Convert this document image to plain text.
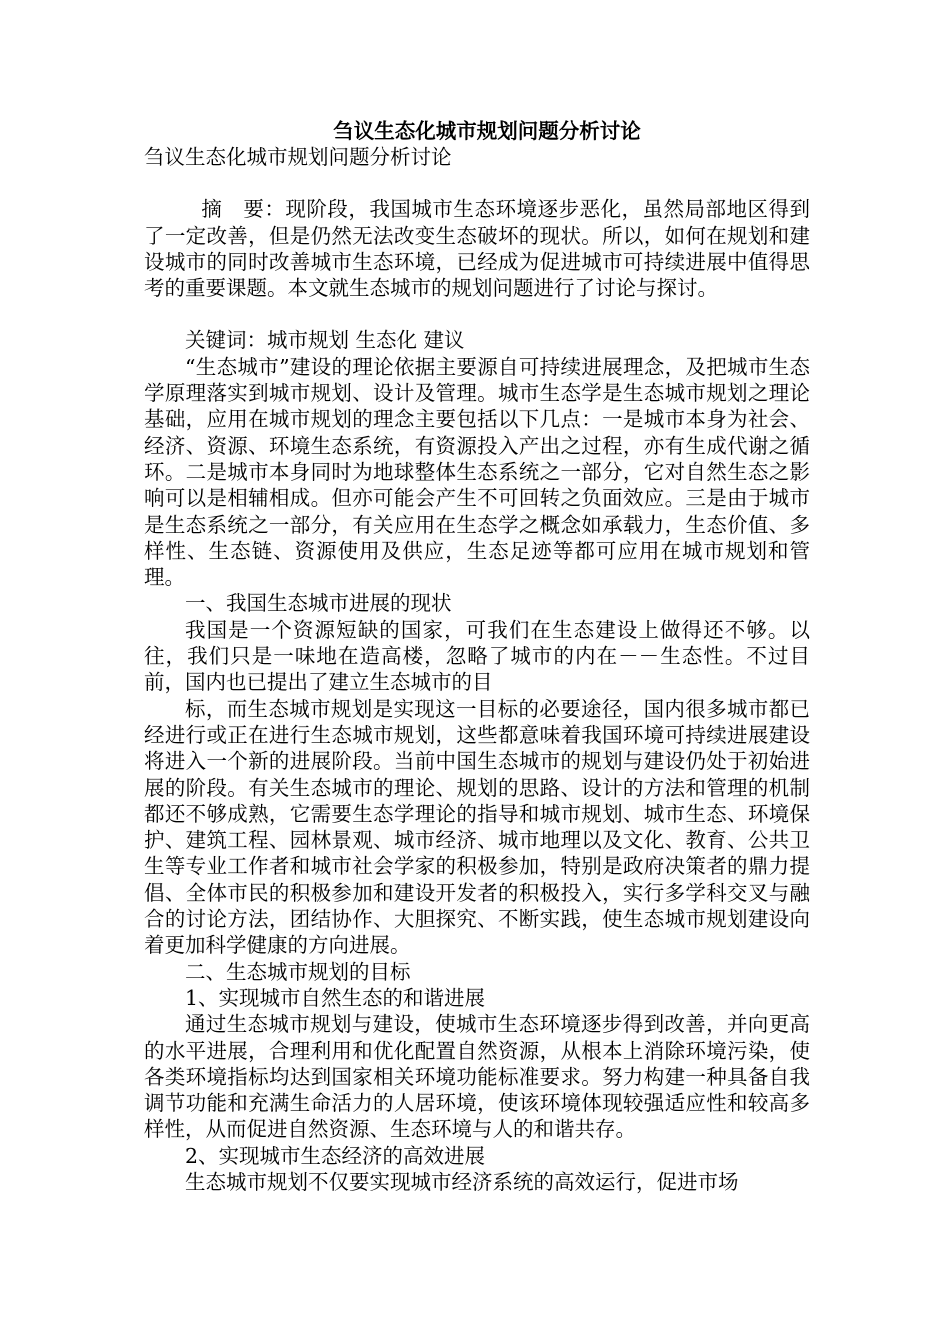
刍议生态化城市规划问题分析讨论

刍议生态化城市规划问题分析讨论

摘　要：现阶段，我国城市生态环境逐步恶化，虽然局部地区得到了一定改善，但是仍然无法改变生态破坏的现状。所以，如何在规划和建设城市的同时改善城市生态环境，已经成为促进城市可持续进展中值得思考的重要课题。本文就生态城市的规划问题进行了讨论与探讨。

关键词：城市规划 生态化 建议

“生态城市”建设的理论依据主要源自可持续进展理念，及把城市生态学原理落实到城市规划、设计及管理。城市生态学是生态城市规划之理论基础，应用在城市规划的理念主要包括以下几点：一是城市本身为社会、经济、资源、环境生态系统，有资源投入产出之过程，亦有生成代谢之循环。二是城市本身同时为地球整体生态系统之一部分，它对自然生态之影响可以是相辅相成。但亦可能会产生不可回转之负面效应。三是由于城市是生态系统之一部分，有关应用在生态学之概念如承载力，生态价值、多样性、生态链、资源使用及供应，生态足迹等都可应用在城市规划和管理。

一、我国生态城市进展的现状

我国是一个资源短缺的国家，可我们在生态建设上做得还不够。以往，我们只是一味地在造高楼，忽略了城市的内在－－生态性。不过目前，国内也已提出了建立生态城市的目

标，而生态城市规划是实现这一目标的必要途径，国内很多城市都已经进行或正在进行生态城市规划，这些都意味着我国环境可持续进展建设将进入一个新的进展阶段。当前中国生态城市的规划与建设仍处于初始进展的阶段。有关生态城市的理论、规划的思路、设计的方法和管理的机制都还不够成熟，它需要生态学理论的指导和城市规划、城市生态、环境保护、建筑工程、园林景观、城市经济、城市地理以及文化、教育、公共卫生等专业工作者和城市社会学家的积极参加，特别是政府决策者的鼎力提倡、全体市民的积极参加和建设开发者的积极投入，实行多学科交叉与融合的讨论方法，团结协作、大胆探究、不断实践，使生态城市规划建设向着更加科学健康的方向进展。

二、生态城市规划的目标

1、实现城市自然生态的和谐进展

通过生态城市规划与建设，使城市生态环境逐步得到改善，并向更高的水平进展，合理利用和优化配置自然资源，从根本上消除环境污染，使各类环境指标均达到国家相关环境功能标准要求。努力构建一种具备自我调节功能和充满生命活力的人居环境，使该环境体现较强适应性和较高多样性，从而促进自然资源、生态环境与人的和谐共存。

2、实现城市生态经济的高效进展

生态城市规划不仅要实现城市经济系统的高效运行，促进市场
